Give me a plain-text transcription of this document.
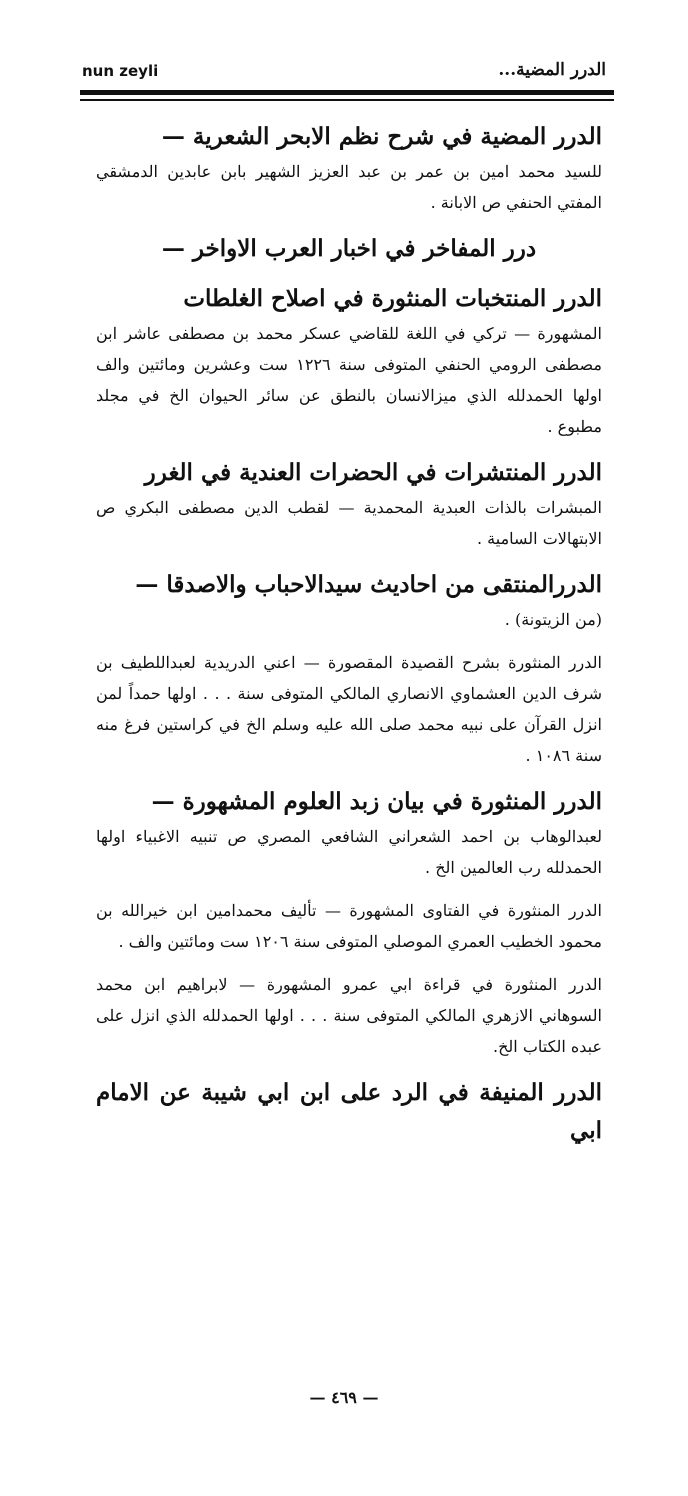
nun zeyli	الدرر المضية...
الدرر المضية في شرح نظم الابحر الشعرية —
للسيد محمد امين بن عمر بن عبد العزيز الشهير بابن عابدين الدمشقي المفتي الحنفي ص الابانة .
درر المفاخر في اخبار العرب الاواخر —
الدرر المنتخبات المنثورة في اصلاح الغلطات
المشهورة — تركي في اللغة للقاضي عسكر محمد بن مصطفى عاشر ابن مصطفى الرومي الحنفي المتوفى سنة ١٢٢٦ ست وعشرين ومائتين والف اولها الحمدلله الذي ميزالانسان بالنطق عن سائر الحيوان الخ في مجلد مطبوع .
الدرر المنتشرات في الحضرات العندية في الغرر
المبشرات بالذات العبدية المحمدية — لقطب الدين مصطفى البكري ص الابتهالات السامية .
الدررالمنتقى من احاديث سيدالاحباب والاصدقا —
(من الزيتونة) .
الدرر المنثورة بشرح القصيدة المقصورة — اعني الدريدية لعبداللطيف بن شرف الدين العشماوي الانصاري المالكي المتوفى سنة . . . اولها حمداً لمن انزل القرآن على نبيه محمد صلى الله عليه وسلم الخ في كراستين فرغ منه سنة ١٠٨٦ .
الدرر المنثورة في بيان زبد العلوم المشهورة —
لعبدالوهاب بن احمد الشعراني الشافعي المصري ص تنبيه الاغبياء اولها الحمدلله رب العالمين الخ .
الدرر المنثورة في الفتاوى المشهورة — تأليف محمدامين ابن خيرالله بن محمود الخطيب العمري الموصلي المتوفى سنة ١٢٠٦ ست ومائتين والف .
الدرر المنثورة في قراءة ابي عمرو المشهورة — لابراهيم ابن محمد السوهاني الازهري المالكي المتوفى سنة . . . اولها الحمدلله الذي انزل على عبده الكتاب الخ.
الدرر المنيفة في الرد على ابن ابي شيبة عن الامام ابي
— ٤٦٩ —
